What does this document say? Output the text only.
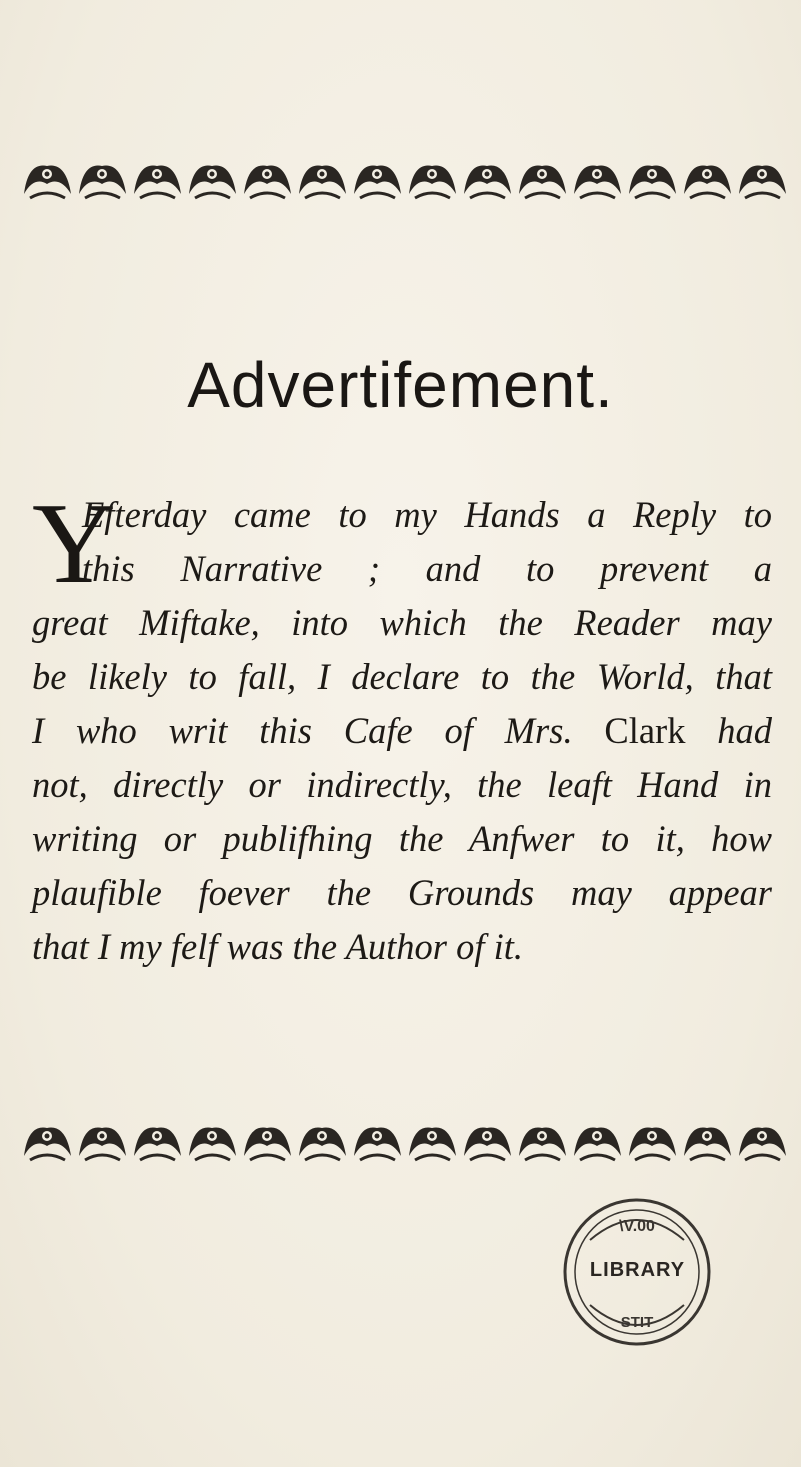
Advertifement.
Y
Efterday came to my Hands a Reply to
this Narrative ; and to prevent a
great Miftake, into which the Reader may
be likely to fall, I declare to the World, that
I who writ this Cafe of Mrs. Clark had
not, directly or indirectly, the leaft Hand in
writing or publifhing the Anfwer to it, how
plaufible foever the Grounds may appear
that I my felf was the Author of it.
\V.00
STIT
LIBRARY
